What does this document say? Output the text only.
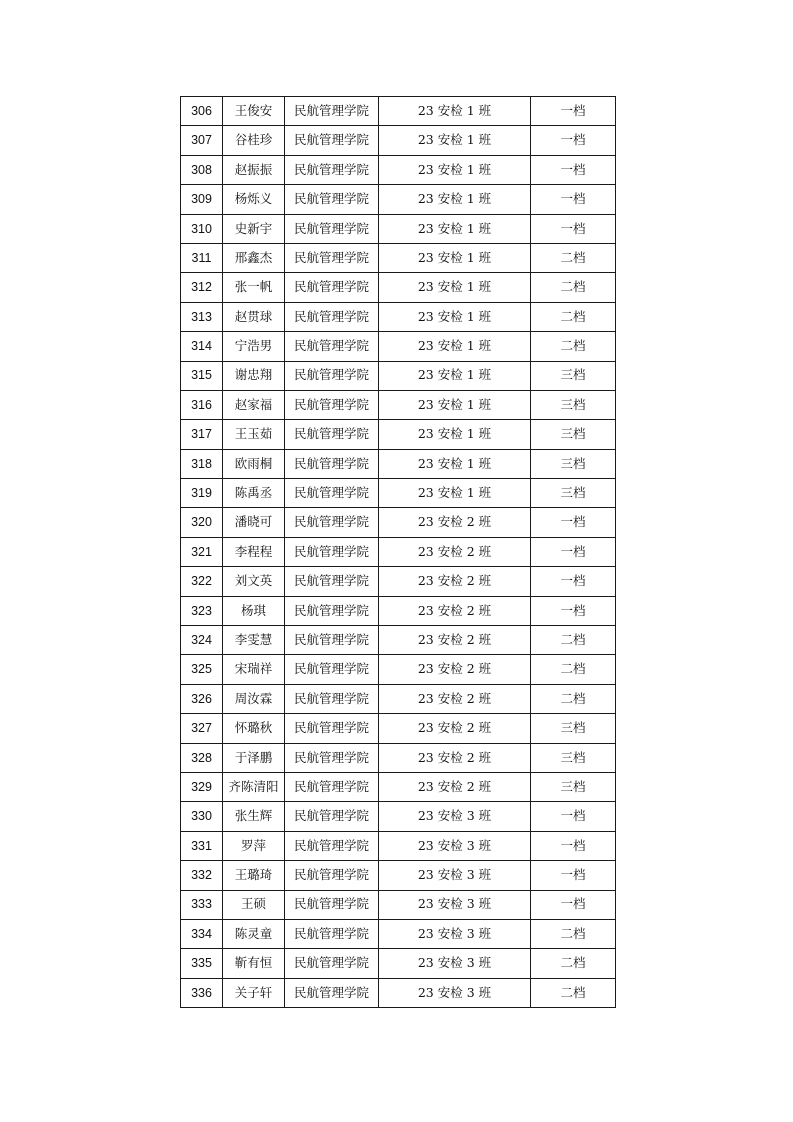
306	王俊安	民航管理学院	23 安检 1 班	一档
307	谷桂珍	民航管理学院	23 安检 1 班	一档
308	赵振振	民航管理学院	23 安检 1 班	一档
309	杨烁义	民航管理学院	23 安检 1 班	一档
310	史新宇	民航管理学院	23 安检 1 班	一档
311	邢鑫杰	民航管理学院	23 安检 1 班	二档
312	张一帆	民航管理学院	23 安检 1 班	二档
313	赵贯球	民航管理学院	23 安检 1 班	二档
314	宁浩男	民航管理学院	23 安检 1 班	二档
315	谢忠翔	民航管理学院	23 安检 1 班	三档
316	赵家福	民航管理学院	23 安检 1 班	三档
317	王玉茹	民航管理学院	23 安检 1 班	三档
318	欧雨桐	民航管理学院	23 安检 1 班	三档
319	陈禹丞	民航管理学院	23 安检 1 班	三档
320	潘晓可	民航管理学院	23 安检 2 班	一档
321	李程程	民航管理学院	23 安检 2 班	一档
322	刘文英	民航管理学院	23 安检 2 班	一档
323	杨琪	民航管理学院	23 安检 2 班	一档
324	李雯慧	民航管理学院	23 安检 2 班	二档
325	宋瑞祥	民航管理学院	23 安检 2 班	二档
326	周汝霖	民航管理学院	23 安检 2 班	二档
327	怀璐秋	民航管理学院	23 安检 2 班	三档
328	于泽鹏	民航管理学院	23 安检 2 班	三档
329	齐陈清阳	民航管理学院	23 安检 2 班	三档
330	张生辉	民航管理学院	23 安检 3 班	一档
331	罗萍	民航管理学院	23 安检 3 班	一档
332	王璐琦	民航管理学院	23 安检 3 班	一档
333	王硕	民航管理学院	23 安检 3 班	一档
334	陈灵童	民航管理学院	23 安检 3 班	二档
335	靳有恒	民航管理学院	23 安检 3 班	二档
336	关子轩	民航管理学院	23 安检 3 班	二档
